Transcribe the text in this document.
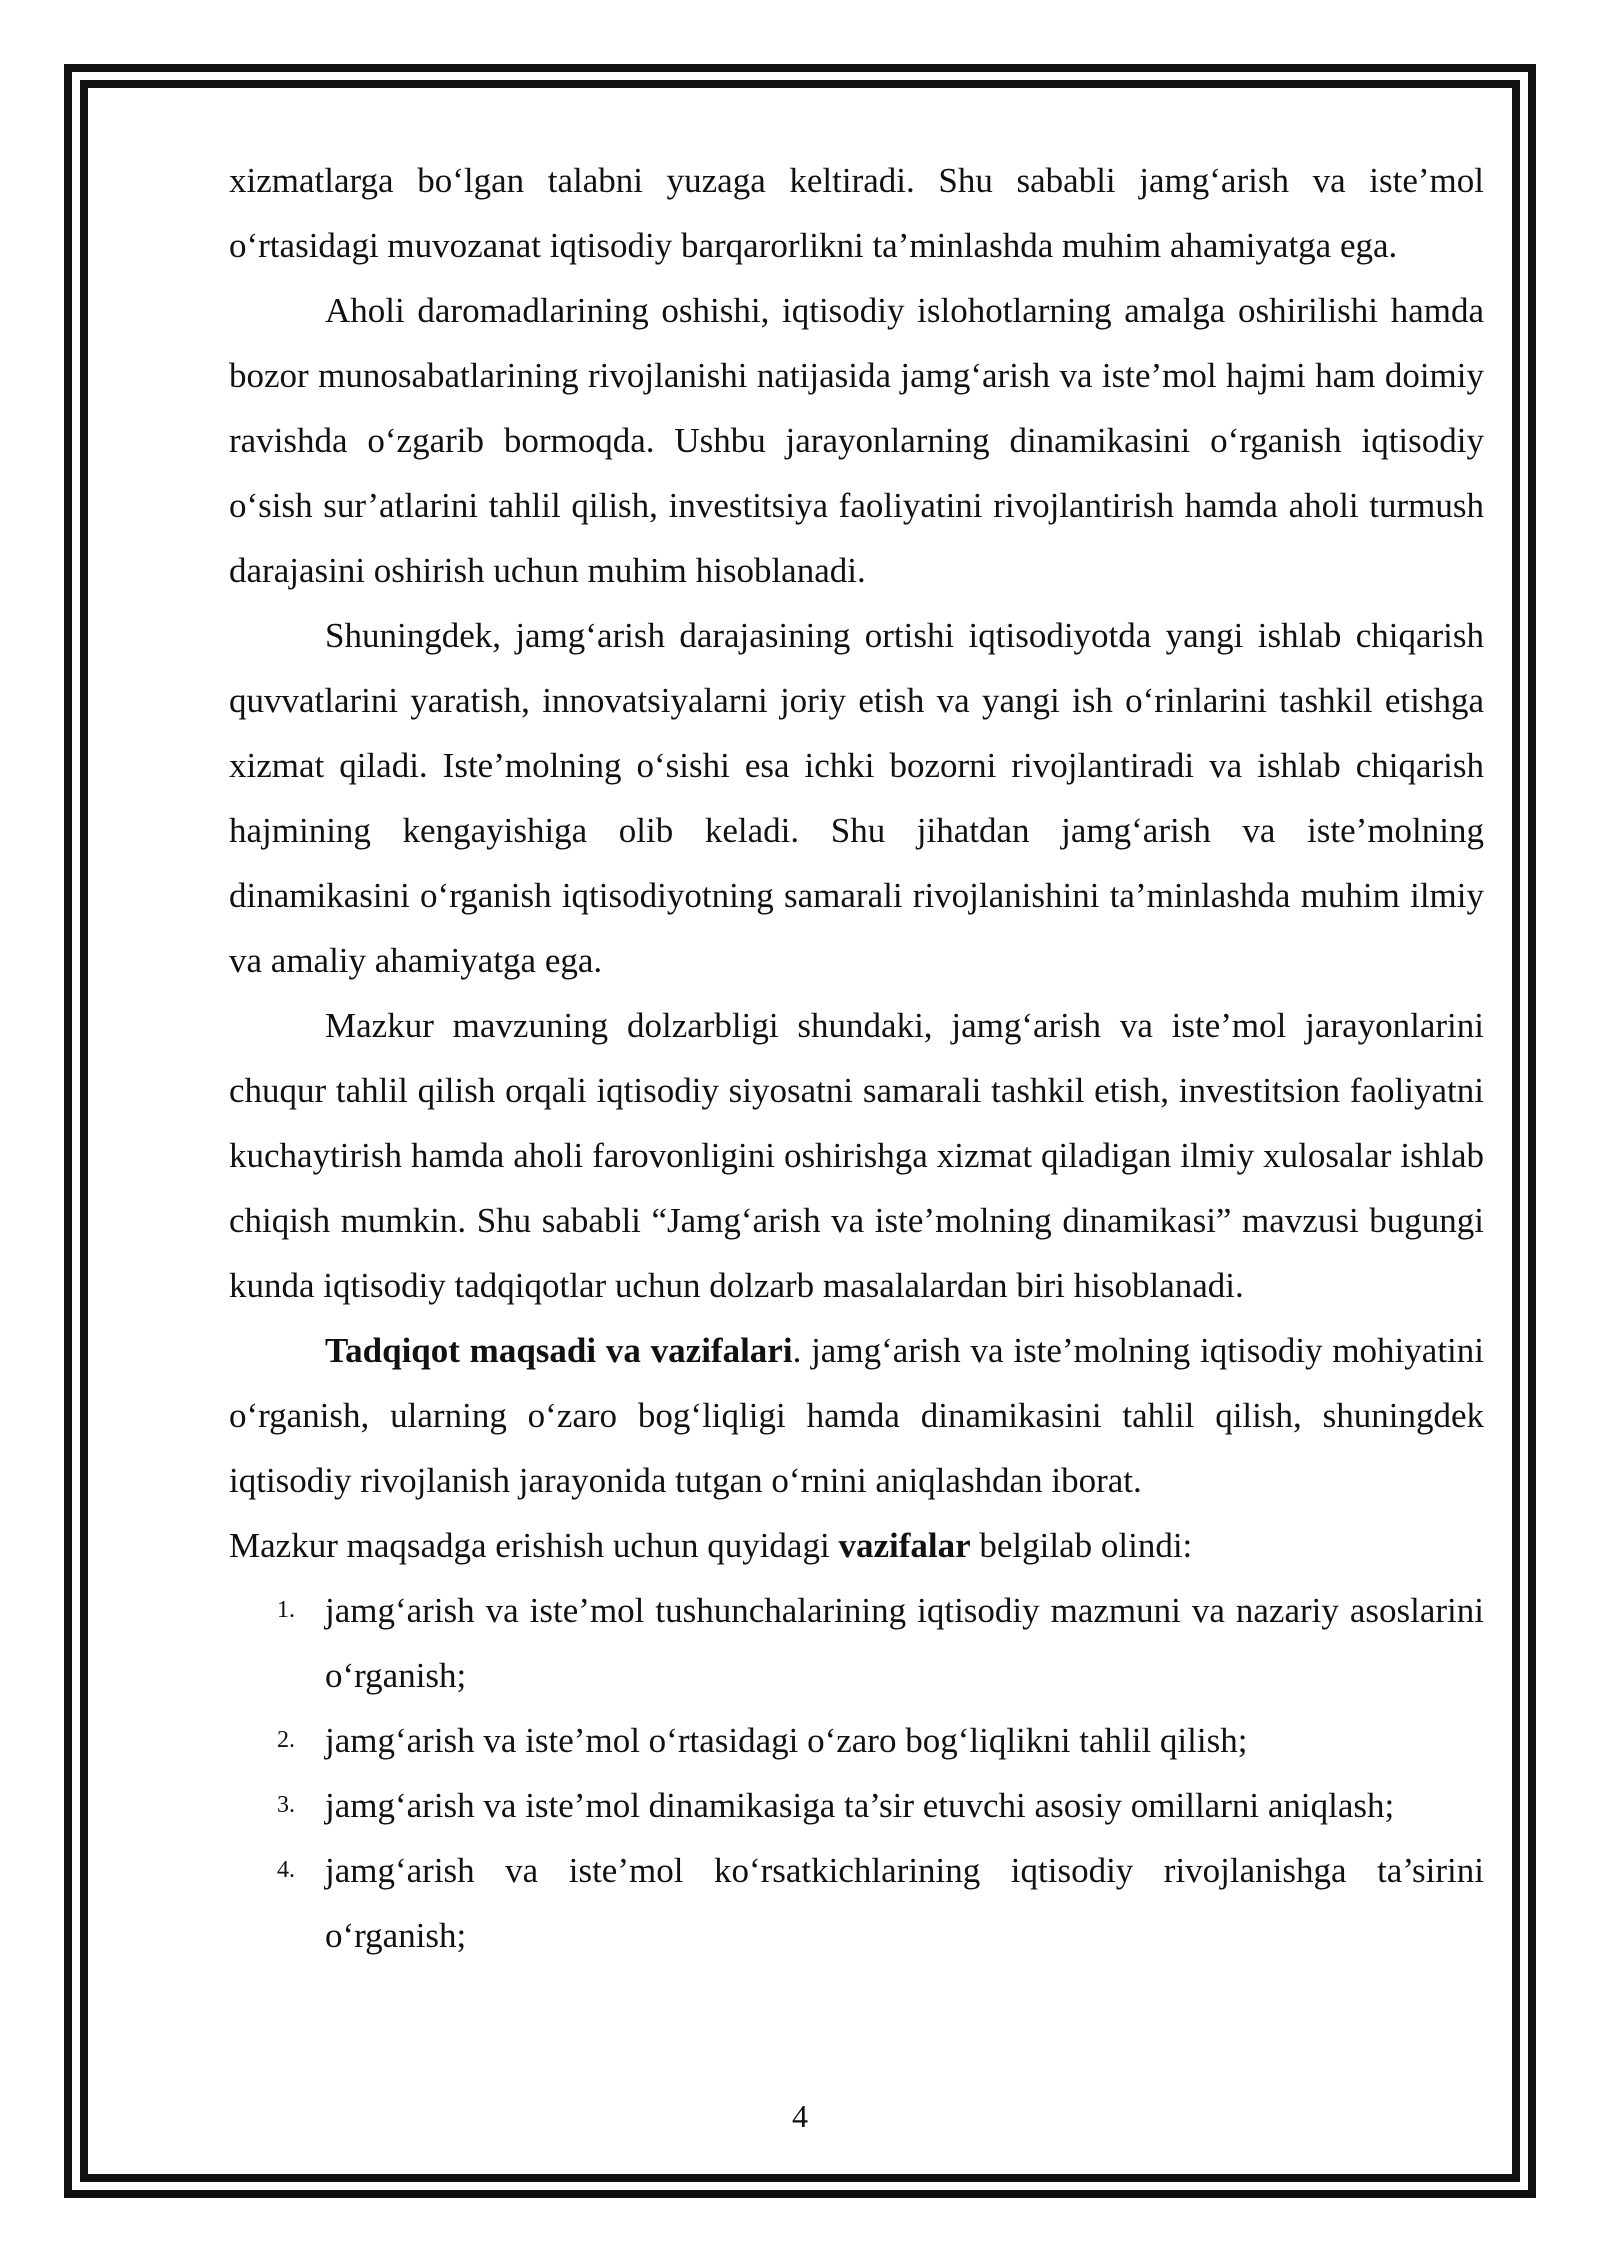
xizmatlarga bo‘lgan talabni yuzaga keltiradi. Shu sababli jamg‘arish va iste’mol o‘rtasidagi muvozanat iqtisodiy barqarorlikni ta’minlashda muhim ahamiyatga ega.

Aholi daromadlarining oshishi, iqtisodiy islohotlarning amalga oshirilishi hamda bozor munosabatlarining rivojlanishi natijasida jamg‘arish va iste’mol hajmi ham doimiy ravishda o‘zgarib bormoqda. Ushbu jarayonlarning dinamikasini o‘rganish iqtisodiy o‘sish sur’atlarini tahlil qilish, investitsiya faoliyatini rivojlantirish hamda aholi turmush darajasini oshirish uchun muhim hisoblanadi.

Shuningdek, jamg‘arish darajasining ortishi iqtisodiyotda yangi ishlab chiqarish quvvatlarini yaratish, innovatsiyalarni joriy etish va yangi ish o‘rinlarini tashkil etishga xizmat qiladi. Iste’molning o‘sishi esa ichki bozorni rivojlantiradi va ishlab chiqarish hajmining kengayishiga olib keladi. Shu jihatdan jamg‘arish va iste’molning dinamikasini o‘rganish iqtisodiyotning samarali rivojlanishini ta’minlashda muhim ilmiy va amaliy ahamiyatga ega.

Mazkur mavzuning dolzarbligi shundaki, jamg‘arish va iste’mol jarayonlarini chuqur tahlil qilish orqali iqtisodiy siyosatni samarali tashkil etish, investitsion faoliyatni kuchaytirish hamda aholi farovonligini oshirishga xizmat qiladigan ilmiy xulosalar ishlab chiqish mumkin. Shu sababli “Jamg‘arish va iste’molning dinamikasi” mavzusi bugungi kunda iqtisodiy tadqiqotlar uchun dolzarb masalalardan biri hisoblanadi.

Tadqiqot maqsadi va vazifalari. jamg‘arish va iste’molning iqtisodiy mohiyatini o‘rganish, ularning o‘zaro bog‘liqligi hamda dinamikasini tahlil qilish, shuningdek iqtisodiy rivojlanish jarayonida tutgan o‘rnini aniqlashdan iborat.

Mazkur maqsadga erishish uchun quyidagi vazifalar belgilab olindi:

1. jamg‘arish va iste’mol tushunchalarining iqtisodiy mazmuni va nazariy asoslarini o‘rganish;
2. jamg‘arish va iste’mol o‘rtasidagi o‘zaro bog‘liqlikni tahlil qilish;
3. jamg‘arish va iste’mol dinamikasiga ta’sir etuvchi asosiy omillarni aniqlash;
4. jamg‘arish va iste’mol ko‘rsatkichlarining iqtisodiy rivojlanishga ta’sirini o‘rganish;
4
